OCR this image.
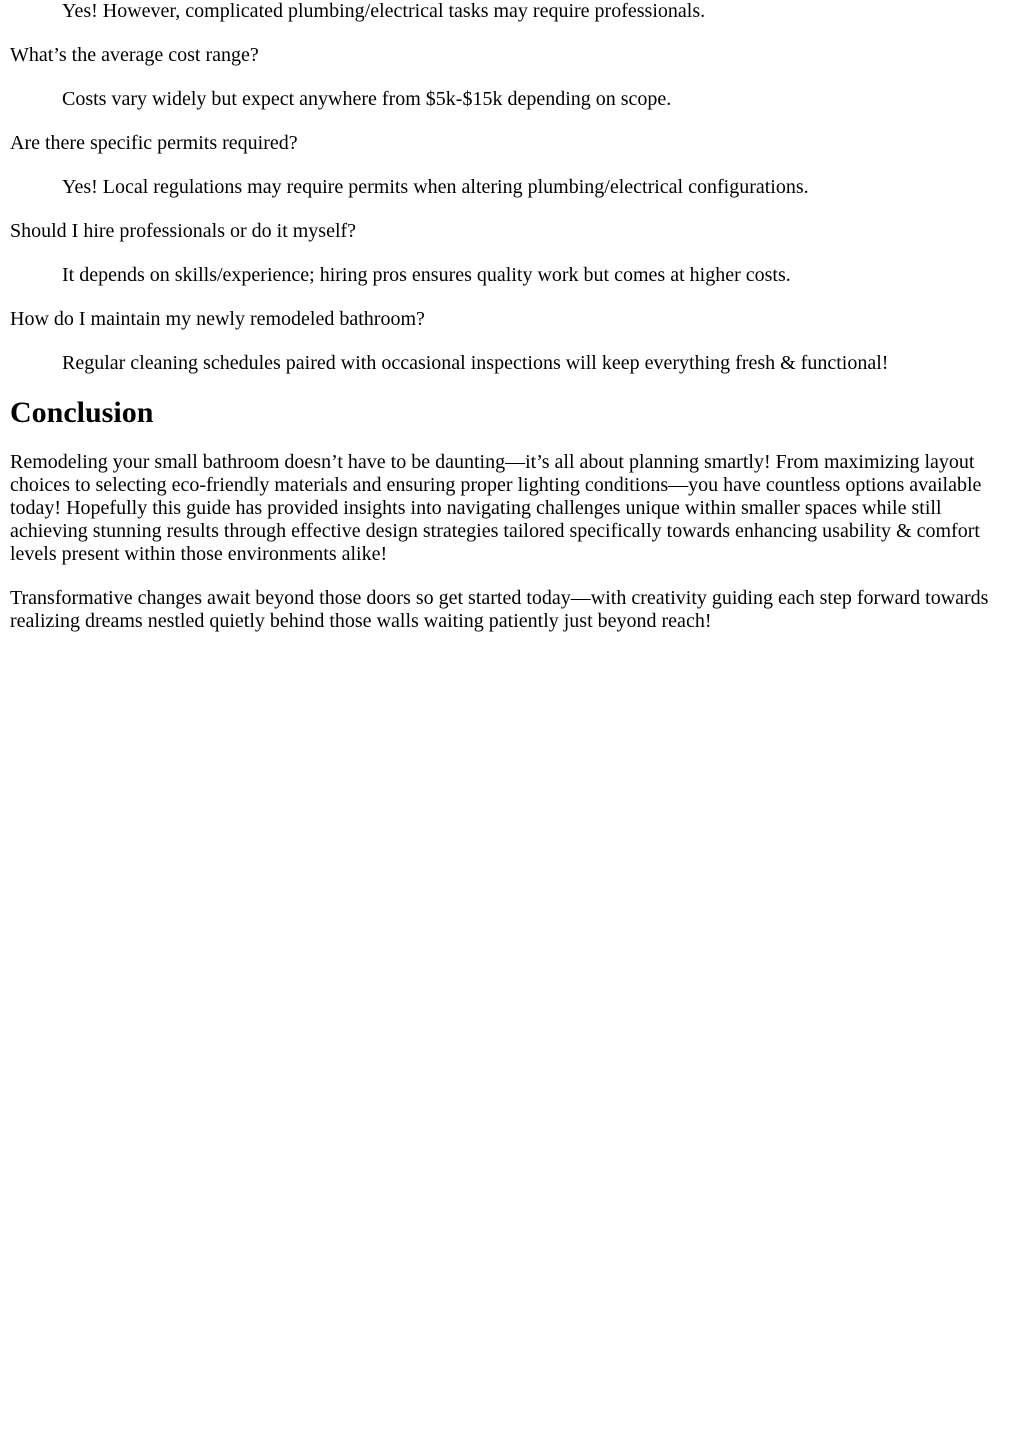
Yes! However, complicated plumbing/electrical tasks may require professionals.

What’s the average cost range?

Costs vary widely but expect anywhere from $5k-$15k depending on scope.

Are there specific permits required?

Yes! Local regulations may require permits when altering plumbing/electrical configurations.

Should I hire professionals or do it myself?

It depends on skills/experience; hiring pros ensures quality work but comes at higher costs.

How do I maintain my newly remodeled bathroom?

Regular cleaning schedules paired with occasional inspections will keep everything fresh & functional!

Conclusion

Remodeling your small bathroom doesn’t have to be daunting—it’s all about planning smartly! From maximizing layout choices to selecting eco-friendly materials and ensuring proper lighting conditions—you have countless options available today! Hopefully this guide has provided insights into navigating challenges unique within smaller spaces while still achieving stunning results through effective design strategies tailored specifically towards enhancing usability & comfort levels present within those environments alike!

Transformative changes await beyond those doors so get started today—with creativity guiding each step forward towards realizing dreams nestled quietly behind those walls waiting patiently just beyond reach!
